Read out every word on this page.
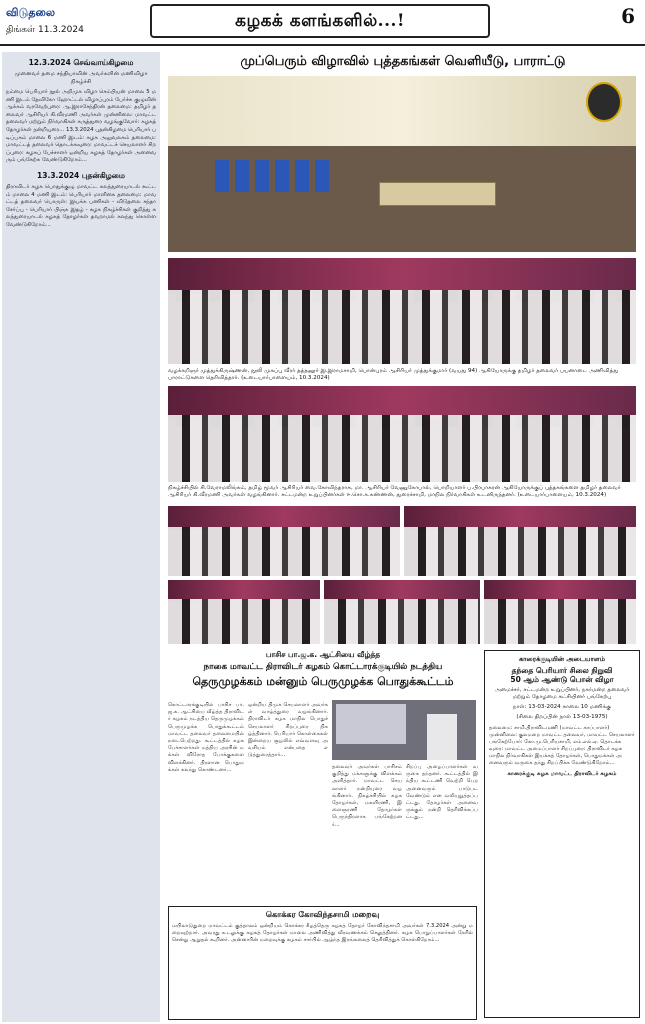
விடுதலை
திங்கள் 11.3.2024	கழகக் களங்களில்...!	6
12.3.2024 செவ்வாய்கிழமை
முனைவர் தமை சந்தியாவின் அவர்களின் மணிவிழா நிகழ்ச்சி

நம்மை பெரியார் நூல் அறிமுக விழா செம்பியன் மாலை 5 மணி இடம் தேவிகோ ஹோட்டல் விழாப்புரம் பேர்ச்சு குழுவின் ஆக்கம் வரவேற்புரை: ஆ.இராசேந்திரன் தலைமை: தமிழர் தலைவர் ஆசிரியர் கி.வீரமணி அவர்கள் முன்னிலை: மாவட்ட தலைவர் மற்றும் நிர்வாகிகள் கருத்துரை வழங்குவோர்: கழகத் தோழர்கள் நன்றியுரை... 13.3.2024 புதன்கிழமை பெரியார் படிப்பகம் மாலை 6 மணி இடம்: கழக அலுவலகம் தலைமை: மாவட்டத் தலைவர் தொடக்கவுரை: மாவட்டச் செயலாளர் சிறப்புரை: கழகப் பேச்சாளர் ஒன்றிய கழகத் தோழர்கள் அனைவரும் பங்கேற்க வேண்டுகிறோம்...

13.3.2024 புதன்கிழமை

திராவிடர் கழக பொதுக்குழு மாவட்ட கலந்துரையாடல் கூட்டம் மாலை 4 மணி இடம்: பெரியார் மாளிகை தலைமை: மாவட்டத் தலைவர் பொருள்: இயக்க பணிகள் - விடுதலை சந்தா சேர்ப்பு - பெரியார் பிஞ்சு இதழ் - கழக நிகழ்ச்சிகள் குறித்து கலந்துரையாடல் கழகத் தோழர்கள் தவறாமல் கலந்து கொள்ள வேண்டுகிறோம்...

முப்பெரும் விழாவில் புத்தகங்கள் வெளியீடு, பாராட்டு

வழக்கறிஞர் முத்துக்கிருஷ்ணன், நூலி முகப்பு வீரர் தத்தனூர் இ.இராமசாமி, பொன்புரம் ஆசிரியர் முத்துக்குமார் (வயது 94) ஆகியோருக்கு தமிழர் தலைவர் பயனாடை அணிவித்து பாராட்டுகளை தெரிவித்தார். (உடையார்பாளையம், 10.3.2024)

நிகழ்ச்சியில் சி.வேராமலிங்கம், தமிழ் மூவர் ஆசிரியர் வை.கோவிந்தராசு, மா. ஆசிரியர் வேணுகோபால், பொறியாளர் ப.பிரபாகரன் ஆகியோருக்குப் புத்தகங்களை தமிழர் தலைவர் ஆசிரியர் கி.வீரமணி அவர்கள் வழங்கினார். சட்டமன்ற உறுப்பினர்கள் ஈ.சொ.க.கண்ணன், துரைச்சாமி, மாநில நிர்வாகிகள் உடனிருந்தனர். (உடையார்பாளையம், 10.3.2024)

பாசிச பா.ஜ.க. ஆட்சியை வீழ்த்த
நாகை மாவட்ட திராவிடர் கழகம் கொட்டாரக்குடியில் நடத்திய
தெருமுழக்கம் மன்னும் பெருமுழக்க பொதுக்கூட்டம்

கொட்டாரக்குடியில் பாசிச பா.ஜ.க. ஆட்சியை வீழ்த்த திராவிடர் கழகம் நடத்திய தெருமுழக்கம் பெருமுழக்க பொதுக்கூட்டம் மாவட்ட தலைவர் தலைமையில் நடைபெற்றது. கூட்டத்தில் கழக பேச்சாளர்கள் மத்திய அரசின் மக்கள் விரோத போக்குகளை விளக்கினர். திரளான பொதுமக்கள் கலந்து கொண்டனர்...

ஒன்றிய திமுக செயலாளர் அவர்கள் வாழ்த்துரை வழங்கினார். திராவிடர் கழக மாநில பொதுச் செயலாளர் சிறப்புரை நிகழ்த்தினார். பெரியார் கொள்கைகள் இன்றைய சூழலில் எவ்வளவு அவசியம் என்பதை எடுத்துரைத்தார்...

தலைவர் அவர்கள் பாசிசம் குறித்து மக்களுக்கு விளக்கம் அளித்தார். மாவட்ட செயலாளர் நன்றியுரை வழங்கினார். நிகழ்ச்சியில் கழக தோழர்கள், மகளிரணி, இளைஞரணி தோழர்கள் பெருந்திரளாக பங்கேற்றனர்...

சிறப்பு அழைப்பாளர்கள் வருகை தந்தனர். கூட்டத்தில் இந்திய கூட்டணி வெற்றி பெற அனைவரும் பாடுபட வேண்டும் என வலியுறுத்தப்பட்டது. தோழர்கள் அனைவருக்கும் நன்றி தெரிவிக்கப்பட்டது...

கொக்கர கோவிந்தசாமி மறைவு

மயிலாடுதுறை மாவட்டம் குத்தாலம் ஒன்றியம் கொக்கர கீழத்தெரு கழகத் தோழர் கோவிந்தசாமி அவர்கள் 7.3.2024 அன்று மறைவுற்றார். அவரது உடலுக்கு கழகத் தோழர்கள் மாலை அணிவித்து வீரவணக்கம் செலுத்தினர். கழக பொறுப்பாளர்கள் நேரில் சென்று ஆறுதல் கூறினர். அன்னாரின் மறைவுக்கு கழகம் சார்பில் ஆழ்ந்த இரங்கலைத் தெரிவித்துக் கொள்கிறோம்...

காரைக்குடியின் அடையாளம்
தந்தை பெரியார் சிலை நிறுவி
50 ஆம் ஆண்டு பொன் விழா
அமைச்சர், சட்டமன்ற உறுப்பினர், நகர்மன்ற தலைவர் மற்றும் தோழமை கட்சியினர் பங்கேற்பு
நாள்: 13-03-2024 காலை 10 மணிக்கு
(சிலை திறப்பின் நாள் 13-03-1975)

தலைமை: சாமி.திராவிடமணி (மாவட்ட காப்பாளர்) முன்னிலை: குலமறை மாவட்ட தலைவர், மாவட்ட செயலாளர் பங்கேற்போர்: கோ.மு.பெரியசாமி, எம்.எல்.ஏ. தொடக்கவுரை: மாவட்ட அமைப்பாளர் சிறப்புரை: திராவிடர் கழக மாநில நிர்வாகிகள் இயக்கத் தோழர்கள், பொதுமக்கள் அனைவரும் வருகை தந்து சிறப்பிக்க வேண்டுகிறோம்...

காரைக்குடி கழக மாவட்ட திராவிடர் கழகம்
